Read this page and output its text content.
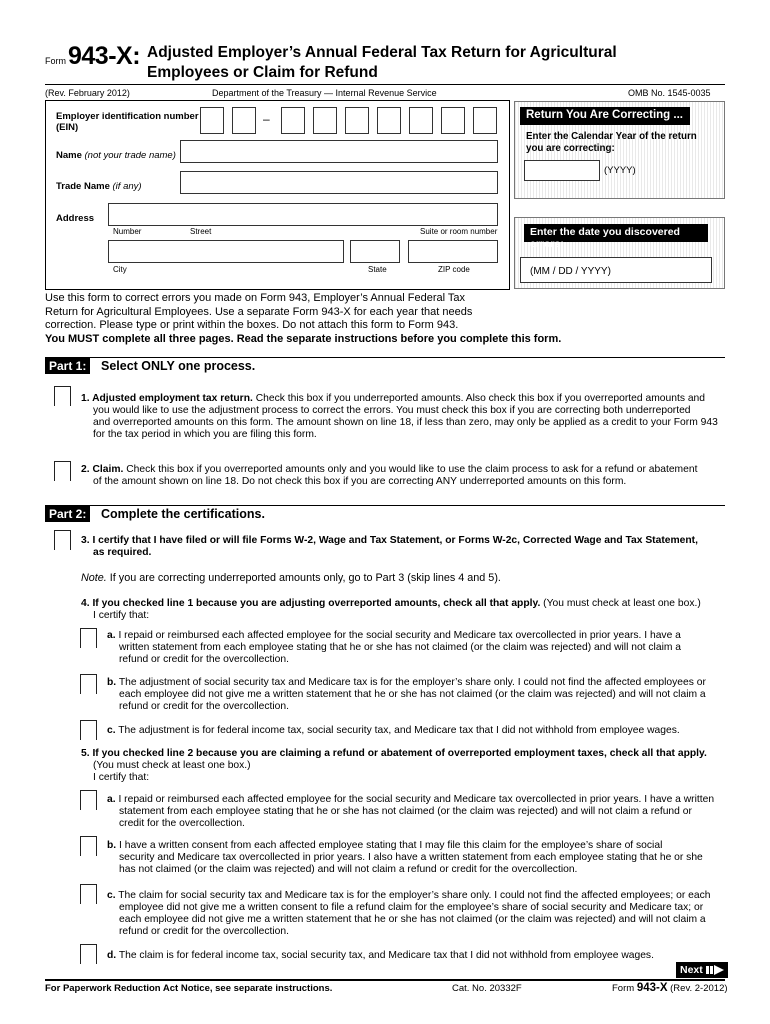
Form 943-X: Adjusted Employer’s Annual Federal Tax Return for Agricultural
Employees or Claim for Refund
(Rev. February 2012)	Department of the Treasury — Internal Revenue Service	OMB No. 1545-0035
Employer identification number
(EIN)
–
Name (not your trade name)
Trade Name (if any)
Address
Number	Street	Suite or room number
City	State	ZIP code
Return You Are Correcting ...
Enter the Calendar Year of the return
you are correcting:
(YYYY)
Enter the date you discovered errors:
(MM / DD / YYYY)
Use this form to correct errors you made on Form 943, Employer’s Annual Federal Tax
Return for Agricultural Employees. Use a separate Form 943-X for each year that needs
correction. Please type or print within the boxes. Do not attach this form to Form 943.
You MUST complete all three pages. Read the separate instructions before you complete this form.
Part 1:	Select ONLY one process.
1. Adjusted employment tax return. Check this box if you underreported amounts. Also check this box if you overreported amounts and
you would like to use the adjustment process to correct the errors. You must check this box if you are correcting both underreported
and overreported amounts on this form. The amount shown on line 18, if less than zero, may only be applied as a credit to your Form 943
for the tax period in which you are filing this form.
2. Claim. Check this box if you overreported amounts only and you would like to use the claim process to ask for a refund or abatement
of the amount shown on line 18. Do not check this box if you are correcting ANY underreported amounts on this form.
Part 2:	Complete the certifications.
3. I certify that I have filed or will file Forms W-2, Wage and Tax Statement, or Forms W-2c, Corrected Wage and Tax Statement,
as required.
Note. If you are correcting underreported amounts only, go to Part 3 (skip lines 4 and 5).
4. If you checked line 1 because you are adjusting overreported amounts, check all that apply. (You must check at least one box.)
I certify that:
a. I repaid or reimbursed each affected employee for the social security and Medicare tax overcollected in prior years. I have a
written statement from each employee stating that he or she has not claimed (or the claim was rejected) and will not claim a
refund or credit for the overcollection.
b. The adjustment of social security tax and Medicare tax is for the employer’s share only. I could not find the affected employees or
each employee did not give me a written statement that he or she has not claimed (or the claim was rejected) and will not claim a
refund or credit for the overcollection.
c. The adjustment is for federal income tax, social security tax, and Medicare tax that I did not withhold from employee wages.
5. If you checked line 2 because you are claiming a refund or abatement of overreported employment taxes, check all that apply.
(You must check at least one box.)
I certify that:
a. I repaid or reimbursed each affected employee for the social security and Medicare tax overcollected in prior years. I have a written
statement from each employee stating that he or she has not claimed (or the claim was rejected) and will not claim a refund or
credit for the overcollection.
b. I have a written consent from each affected employee stating that I may file this claim for the employee’s share of social
security and Medicare tax overcollected in prior years. I also have a written statement from each employee stating that he or she
has not claimed (or the claim was rejected) and will not claim a refund or credit for the overcollection.
c. The claim for social security tax and Medicare tax is for the employer’s share only. I could not find the affected employees; or each
employee did not give me a written consent to file a refund claim for the employee’s share of social security and Medicare tax; or
each employee did not give me a written statement that he or she has not claimed (or the claim was rejected) and will not claim a
refund or credit for the overcollection.
d. The claim is for federal income tax, social security tax, and Medicare tax that I did not withhold from employee wages.
Next
For Paperwork Reduction Act Notice, see separate instructions.	Cat. No. 20332F	Form 943-X (Rev. 2-2012)
